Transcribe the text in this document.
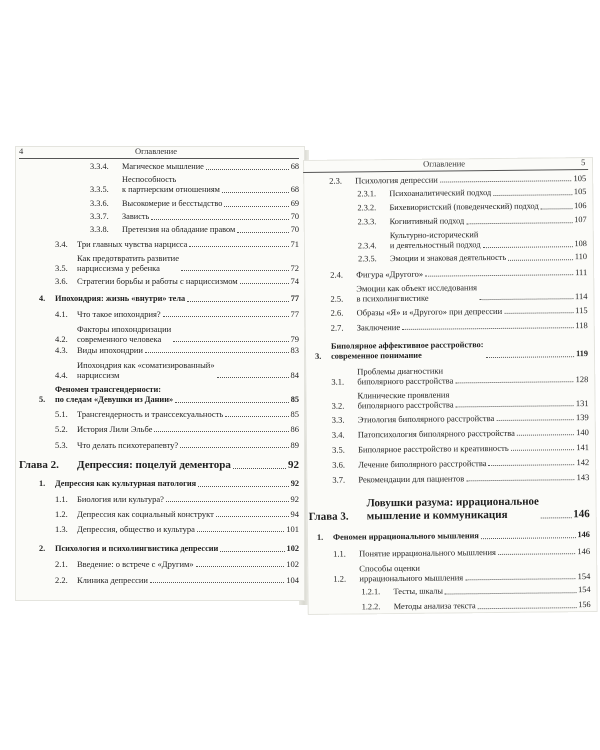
4	Оглавление
3.3.4.	Магическое мышление	68
3.3.5.
Неспособность
к партнерским отношениям	68
3.3.6.	Высокомерие и бесстыдство	69
3.3.7.	Зависть	70
3.3.8.	Претензия на обладание правом	70
3.4.	Три главных чувства нарцисса	71
3.5.
Как предотвратить развитие
нарциссизма у ребенка	72
3.6.	Стратегии борьбы и работы с нарциссизмом	74
4.	Ипохондрия: жизнь «внутри» тела	77
4.1.	Что такое ипохондрия?	77
4.2.
Факторы ипохондризации
современного человека	79
4.3.	Виды ипохондрии	83
4.4.
Ипохондрия как «соматизированный»
нарциссизм	84
5.
Феномен трансгендерности:
по следам «Девушки из Дании»	85
5.1.	Трансгендерность и транссексуальность	85
5.2.	История Лили Эльбе	86
5.3.	Что делать психотерапевту?	89
Глава 2.	Депрессия: поцелуй дементора	92
1.	Депрессия как культурная патология	92
1.1.	Биология или культура?	92
1.2.	Депрессия как социальный конструкт	94
1.3.	Депрессия, общество и культура	101
2.	Психология и психолингвистика депрессии	102
2.1.	Введение: о встрече с «Другим»	102
2.2.	Клиника депрессии	104
Оглавление	5
2.3.	Психология депрессии	105
2.3.1.	Психоаналитический подход	105
2.3.2.	Бихевиористский (поведенческий) подход	106
2.3.3.	Когнитивный подход	107
2.3.4.
Культурно-исторический
и деятельностный подход	108
2.3.5.	Эмоции и знаковая деятельность	110
2.4.	Фигура «Другого»	111
2.5.
Эмоции как объект исследования
в психолингвистике	114
2.6.	Образы «Я» и «Другого» при депрессии	115
2.7.	Заключение	118
3.
Биполярное аффективное расстройство:
современное понимание	119
3.1.
Проблемы диагностики
биполярного расстройства	128
3.2.
Клинические проявления
биполярного расстройства	131
3.3.	Этиология биполярного расстройства	139
3.4.	Патопсихология биполярного расстройства	140
3.5.	Биполярное расстройство и креативность	141
3.6.	Лечение биполярного расстройства	142
3.7.	Рекомендации для пациентов	143
Глава 3.
Ловушки разума: иррациональное
мышление и коммуникация	146
1.	Феномен иррационального мышления	146
1.1.	Понятие иррационального мышления	146
1.2.
Способы оценки
иррационального мышления	154
1.2.1.	Тесты, шкалы	154
1.2.2.	Методы анализа текста	156
